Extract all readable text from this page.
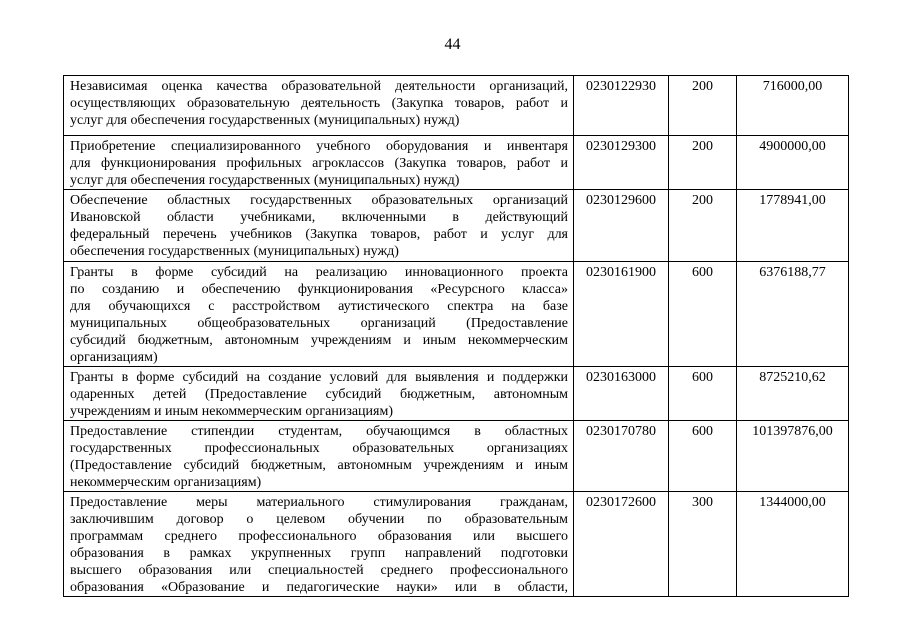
44
Независимая оценка качества образовательной деятельности организаций,
осуществляющих образовательную деятельность (Закупка товаров, работ и
услуг для обеспечения государственных (муниципальных) нужд)	0230122930	200	716000,00

Приобретение специализированного учебного оборудования и инвентаря
для функционирования профильных агроклассов (Закупка товаров, работ и
услуг для обеспечения государственных (муниципальных) нужд)	0230129300	200	4900000,00

Обеспечение областных государственных образовательных организаций
Ивановской области учебниками, включенными в действующий
федеральный перечень учебников (Закупка товаров, работ и услуг для
обеспечения государственных (муниципальных) нужд)	0230129600	200	1778941,00

Гранты в форме субсидий на реализацию инновационного проекта
по созданию и обеспечению функционирования «Ресурсного класса»
для обучающихся с расстройством аутистического спектра на базе
муниципальных общеобразовательных организаций (Предоставление
субсидий бюджетным, автономным учреждениям и иным некоммерческим
организациям)
	0230161900	600	6376188,77

Гранты в форме субсидий на создание условий для выявления и поддержки
одаренных детей (Предоставление субсидий бюджетным, автономным
учреждениям и иным некоммерческим организациям)	0230163000	600	8725210,62

Предоставление стипендии студентам, обучающимся в областных
государственных профессиональных образовательных организациях
(Предоставление субсидий бюджетным, автономным учреждениям и иным
некоммерческим организациям)	0230170780	600	101397876,00

Предоставление меры материального стимулирования гражданам,
заключившим договор о целевом обучении по образовательным
программам среднего профессионального образования или высшего
образования в рамках укрупненных групп направлений подготовки
высшего образования или специальностей среднего профессионального
образования «Образование и педагогические науки» или в области,
	0230172600	300	1344000,00
